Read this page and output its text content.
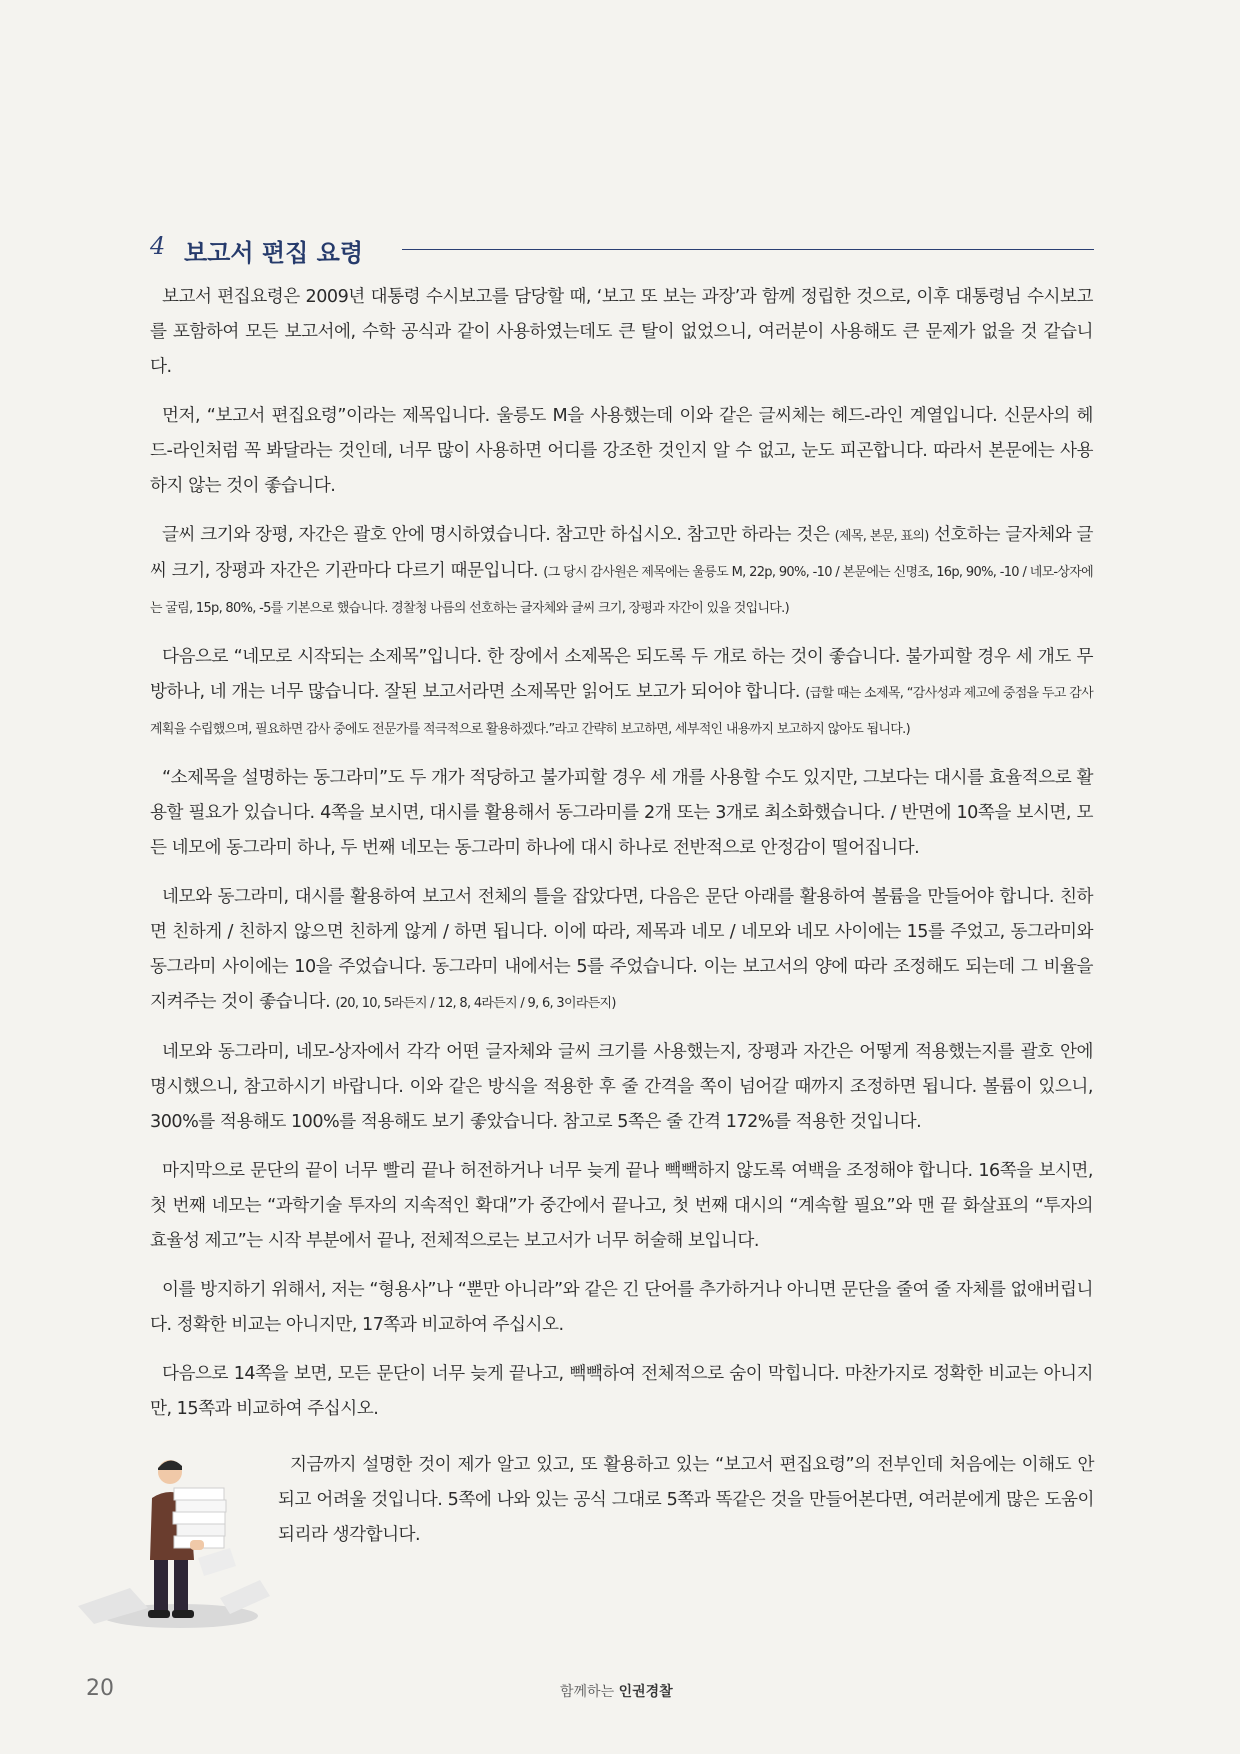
4 보고서 편집 요령

보고서 편집요령은 2009년 대통령 수시보고를 담당할 때, ‘보고 또 보는 과장’과 함께 정립한 것으로, 이후 대통령님 수시보고를 포함하여 모든 보고서에, 수학 공식과 같이 사용하였는데도 큰 탈이 없었으니, 여러분이 사용해도 큰 문제가 없을 것 같습니다.

먼저, “보고서 편집요령”이라는 제목입니다. 울릉도 M을 사용했는데 이와 같은 글씨체는 헤드-라인 계열입니다. 신문사의 헤드-라인처럼 꼭 봐달라는 것인데, 너무 많이 사용하면 어디를 강조한 것인지 알 수 없고, 눈도 피곤합니다. 따라서 본문에는 사용하지 않는 것이 좋습니다.

글씨 크기와 장평, 자간은 괄호 안에 명시하였습니다. 참고만 하십시오. 참고만 하라는 것은 (제목, 본문, 표의) 선호하는 글자체와 글씨 크기, 장평과 자간은 기관마다 다르기 때문입니다. (그 당시 감사원은 제목에는 울릉도 M, 22p, 90%, -10 / 본문에는 신명조, 16p, 90%, -10 / 네모-상자에는 굴림, 15p, 80%, -5를 기본으로 했습니다. 경찰청 나름의 선호하는 글자체와 글씨 크기, 장평과 자간이 있을 것입니다.)

다음으로 “네모로 시작되는 소제목”입니다. 한 장에서 소제목은 되도록 두 개로 하는 것이 좋습니다. 불가피할 경우 세 개도 무방하나, 네 개는 너무 많습니다. 잘된 보고서라면 소제목만 읽어도 보고가 되어야 합니다. (급할 때는 소제목, “감사성과 제고에 중점을 두고 감사계획을 수립했으며, 필요하면 감사 중에도 전문가를 적극적으로 활용하겠다.”라고 간략히 보고하면, 세부적인 내용까지 보고하지 않아도 됩니다.)

“소제목을 설명하는 동그라미”도 두 개가 적당하고 불가피할 경우 세 개를 사용할 수도 있지만, 그보다는 대시를 효율적으로 활용할 필요가 있습니다. 4쪽을 보시면, 대시를 활용해서 동그라미를 2개 또는 3개로 최소화했습니다. / 반면에 10쪽을 보시면, 모든 네모에 동그라미 하나, 두 번째 네모는 동그라미 하나에 대시 하나로 전반적으로 안정감이 떨어집니다.

네모와 동그라미, 대시를 활용하여 보고서 전체의 틀을 잡았다면, 다음은 문단 아래를 활용하여 볼륨을 만들어야 합니다. 친하면 친하게 / 친하지 않으면 친하게 않게 / 하면 됩니다. 이에 따라, 제목과 네모 / 네모와 네모 사이에는 15를 주었고, 동그라미와 동그라미 사이에는 10을 주었습니다. 동그라미 내에서는 5를 주었습니다. 이는 보고서의 양에 따라 조정해도 되는데 그 비율을 지켜주는 것이 좋습니다. (20, 10, 5라든지 / 12, 8, 4라든지 / 9, 6, 3이라든지)

네모와 동그라미, 네모-상자에서 각각 어떤 글자체와 글씨 크기를 사용했는지, 장평과 자간은 어떻게 적용했는지를 괄호 안에 명시했으니, 참고하시기 바랍니다. 이와 같은 방식을 적용한 후 줄 간격을 쪽이 넘어갈 때까지 조정하면 됩니다. 볼륨이 있으니, 300%를 적용해도 100%를 적용해도 보기 좋았습니다. 참고로 5쪽은 줄 간격 172%를 적용한 것입니다.

마지막으로 문단의 끝이 너무 빨리 끝나 허전하거나 너무 늦게 끝나 빽빽하지 않도록 여백을 조정해야 합니다. 16쪽을 보시면, 첫 번째 네모는 “과학기술 투자의 지속적인 확대”가 중간에서 끝나고, 첫 번째 대시의 “계속할 필요”와 맨 끝 화살표의 “투자의 효율성 제고”는 시작 부분에서 끝나, 전체적으로는 보고서가 너무 허술해 보입니다.

이를 방지하기 위해서, 저는 “형용사”나 “뿐만 아니라”와 같은 긴 단어를 추가하거나 아니면 문단을 줄여 줄 자체를 없애버립니다. 정확한 비교는 아니지만, 17쪽과 비교하여 주십시오.

다음으로 14쪽을 보면, 모든 문단이 너무 늦게 끝나고, 빽빽하여 전체적으로 숨이 막힙니다. 마찬가지로 정확한 비교는 아니지만, 15쪽과 비교하여 주십시오.

지금까지 설명한 것이 제가 알고 있고, 또 활용하고 있는 “보고서 편집요령”의 전부인데 처음에는 이해도 안 되고 어려울 것입니다. 5쪽에 나와 있는 공식 그대로 5쪽과 똑같은 것을 만들어본다면, 여러분에게 많은 도움이 되리라 생각합니다.

20	함께하는 인권경찰
